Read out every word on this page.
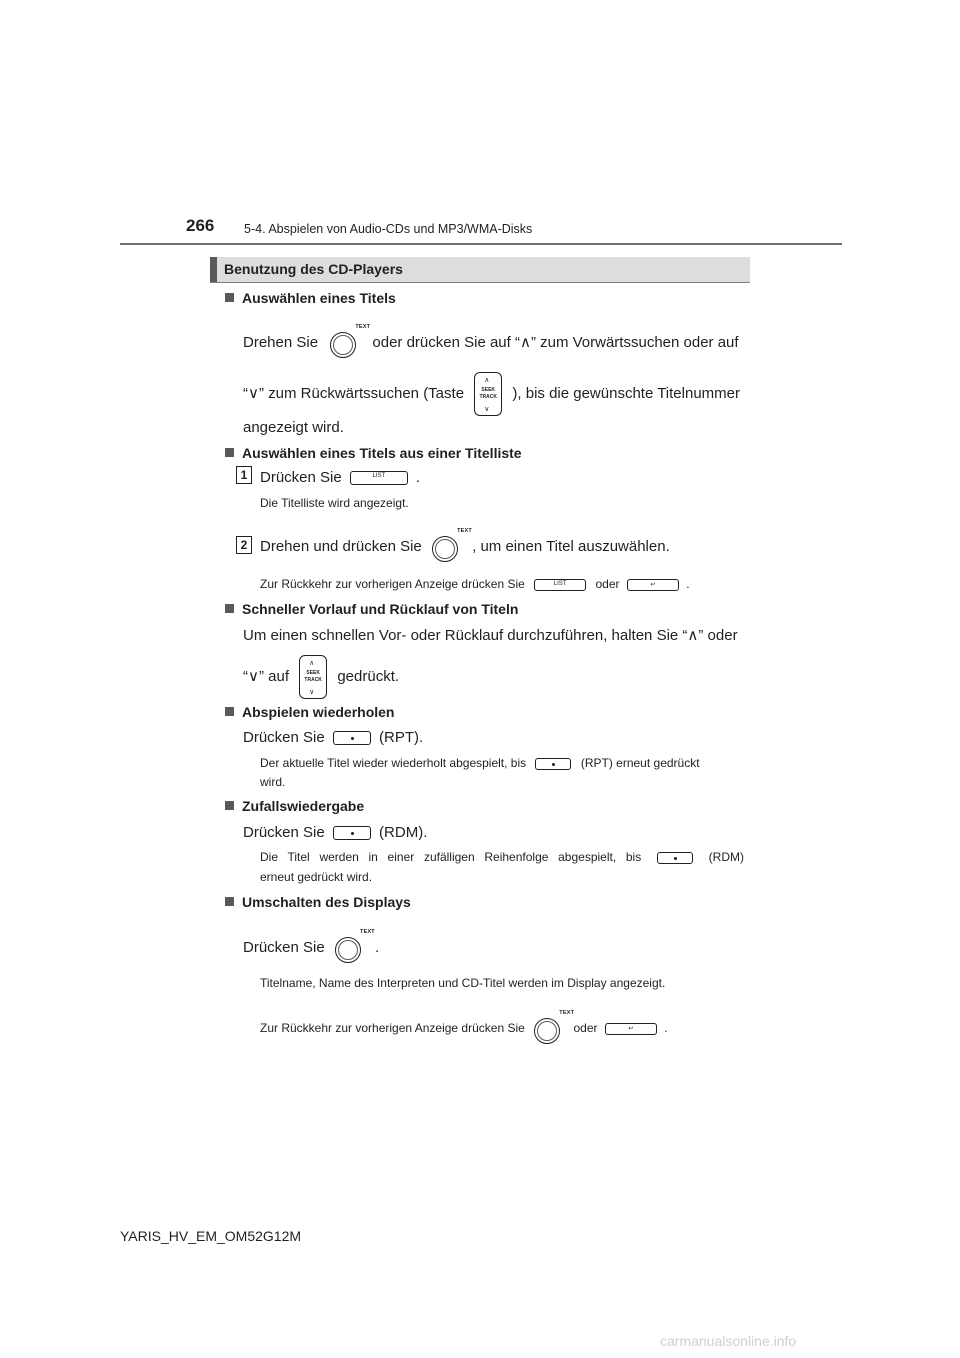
266 5-4. Abspielen von Audio-CDs und MP3/WMA-Disks
Benutzung des CD-Players
Auswählen eines Titels
Drehen Sie
TEXT
oder drücken Sie auf “∧” zum Vorwärtssuchen oder auf
“∨” zum Rückwärtssuchen (Taste
∧
SEEK
TRACK
∨
), bis die gewünschte Titelnummer
angezeigt wird.
Auswählen eines Titels aus einer Titelliste
1 Drücken Sie	LIST	.
Die Titelliste wird angezeigt.
2 Drehen und drücken Sie
TEXT
, um einen Titel auszuwählen.
Zur Rückkehr zur vorherigen Anzeige drücken Sie	LIST	oder	↩	.
Schneller Vorlauf und Rücklauf von Titeln
Um einen schnellen Vor- oder Rücklauf durchzuführen, halten Sie “∧” oder
“∨” auf
∧
SEEK
TRACK
∨
gedrückt.
Abspielen wiederholen
Drücken Sie	(RPT).
Der aktuelle Titel wieder wiederholt abgespielt, bis	(RPT) erneut gedrückt
wird.
Zufallswiedergabe
Drücken Sie	(RDM).
Die Titel werden in einer zufälligen Reihenfolge abgespielt, bis	(RDM)
erneut gedrückt wird.
Umschalten des Displays
Drücken Sie
TEXT
.
Titelname, Name des Interpreten und CD-Titel werden im Display angezeigt.
Zur Rückkehr zur vorherigen Anzeige drücken Sie
TEXT
oder	↩	.
YARIS_HV_EM_OM52G12M
carmanualsonline.info
